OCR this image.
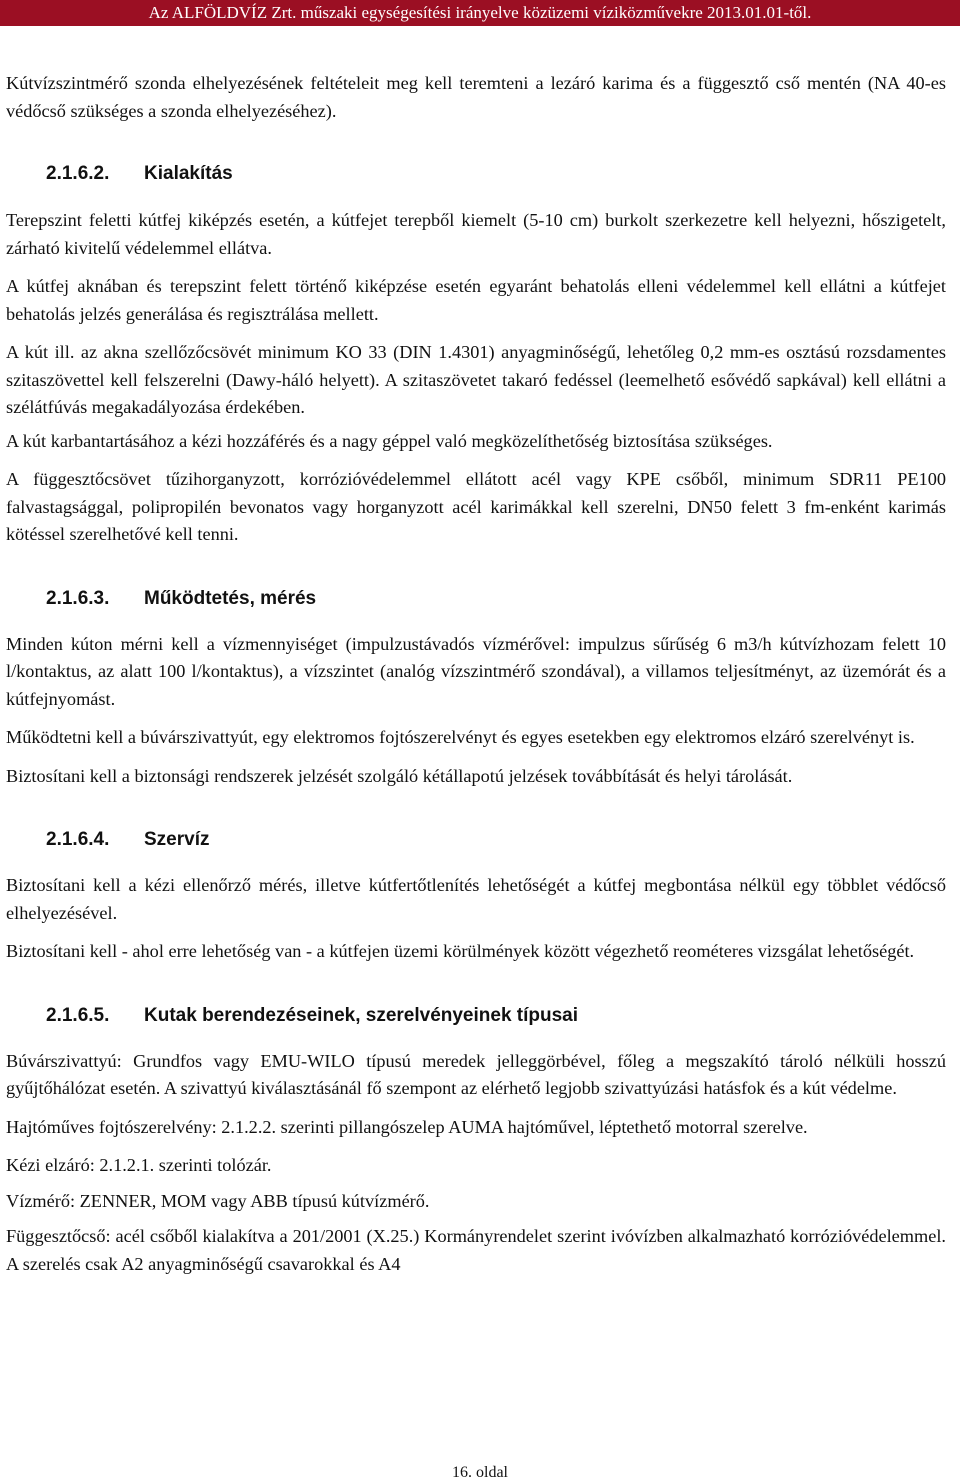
Az ALFÖLDVÍZ Zrt. műszaki egységesítési irányelve közüzemi víziközművekre 2013.01.01-től.

Kútvízszintmérő szonda elhelyezésének feltételeit meg kell teremteni a lezáró karima és a függesztő cső mentén (NA 40-es védőcső szükséges a szonda elhelyezéséhez).

2.1.6.2. Kialakítás

Terepszint feletti kútfej kiképzés esetén, a kútfejet terepből kiemelt (5-10 cm) burkolt szerkezetre kell helyezni, hőszigetelt, zárható kivitelű védelemmel ellátva.

A kútfej aknában és terepszint felett történő kiképzése esetén egyaránt behatolás elleni védelemmel kell ellátni a kútfejet behatolás jelzés generálása és regisztrálása mellett.

A kút ill. az akna szellőzőcsövét minimum KO 33 (DIN 1.4301) anyagminőségű, lehetőleg 0,2 mm-es osztású rozsdamentes szitaszövettel kell felszerelni (Dawy-háló helyett). A szitaszövetet takaró fedéssel (leemelhető esővédő sapkával) kell ellátni a szélátfúvás megakadályozása érdekében.

A kút karbantartásához a kézi hozzáférés és a nagy géppel való megközelíthetőség biztosítása szükséges.

A függesztőcsövet tűzihorganyzott, korrózióvédelemmel ellátott acél vagy KPE csőből, minimum SDR11 PE100 falvastagsággal, polipropilén bevonatos vagy horganyzott acél karimákkal kell szerelni, DN50 felett 3 fm-enként karimás kötéssel szerelhetővé kell tenni.

2.1.6.3. Működtetés, mérés

Minden kúton mérni kell a vízmennyiséget (impulzustávadós vízmérővel: impulzus sűrűség 6 m3/h kútvízhozam felett 10 l/kontaktus, az alatt 100 l/kontaktus), a vízszintet (analóg vízszintmérő szondával), a villamos teljesítményt, az üzemórát és a kútfejnyomást.

Működtetni kell a búvárszivattyút, egy elektromos fojtószerelvényt és egyes esetekben egy elektromos elzáró szerelvényt is.

Biztosítani kell a biztonsági rendszerek jelzését szolgáló kétállapotú jelzések továbbítását és helyi tárolását.

2.1.6.4. Szervíz

Biztosítani kell a kézi ellenőrző mérés, illetve kútfertőtlenítés lehetőségét a kútfej megbontása nélkül egy többlet védőcső elhelyezésével.

Biztosítani kell - ahol erre lehetőség van - a kútfejen üzemi körülmények között végezhető reométeres vizsgálat lehetőségét.

2.1.6.5. Kutak berendezéseinek, szerelvényeinek típusai

Búvárszivattyú: Grundfos vagy EMU-WILO típusú meredek jelleggörbével, főleg a megszakító tároló nélküli hosszú gyűjtőhálózat esetén. A szivattyú kiválasztásánál fő szempont az elérhető legjobb szivattyúzási hatásfok és a kút védelme.

Hajtóműves fojtószerelvény: 2.1.2.2. szerinti pillangószelep AUMA hajtóművel, léptethető motorral szerelve.

Kézi elzáró: 2.1.2.1. szerinti tolózár.

Vízmérő: ZENNER, MOM vagy ABB típusú kútvízmérő.

Függesztőcső: acél csőből kialakítva a 201/2001 (X.25.) Kormányrendelet szerint ivóvízben alkalmazható korrózióvédelemmel. A szerelés csak A2 anyagminőségű csavarokkal és A4

16. oldal
